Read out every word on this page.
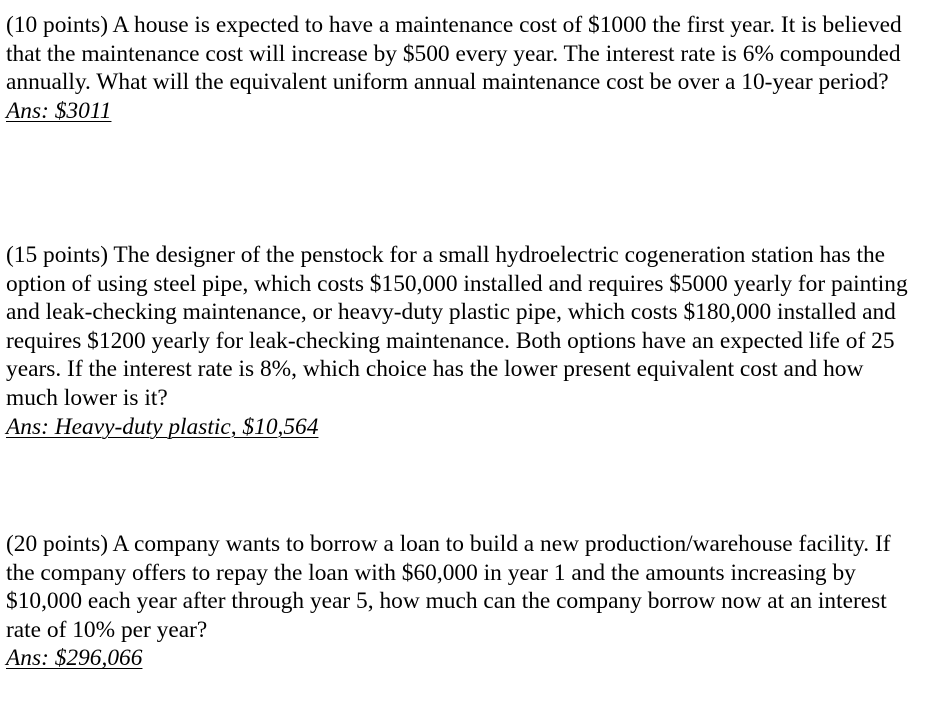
(10 points) A house is expected to have a maintenance cost of $1000 the first year. It is believed that the maintenance cost will increase by $500 every year. The interest rate is 6% compounded annually. What will the equivalent uniform annual maintenance cost be over a 10-year period?

Ans: $3011

(15 points) The designer of the penstock for a small hydroelectric cogeneration station has the option of using steel pipe, which costs $150,000 installed and requires $5000 yearly for painting and leak-checking maintenance, or heavy-duty plastic pipe, which costs $180,000 installed and requires $1200 yearly for leak-checking maintenance. Both options have an expected life of 25 years. If the interest rate is 8%, which choice has the lower present equivalent cost and how much lower is it?

Ans: Heavy-duty plastic, $10,564

(20 points) A company wants to borrow a loan to build a new production/warehouse facility. If the company offers to repay the loan with $60,000 in year 1 and the amounts increasing by $10,000 each year after through year 5, how much can the company borrow now at an interest rate of 10% per year?

Ans: $296,066
